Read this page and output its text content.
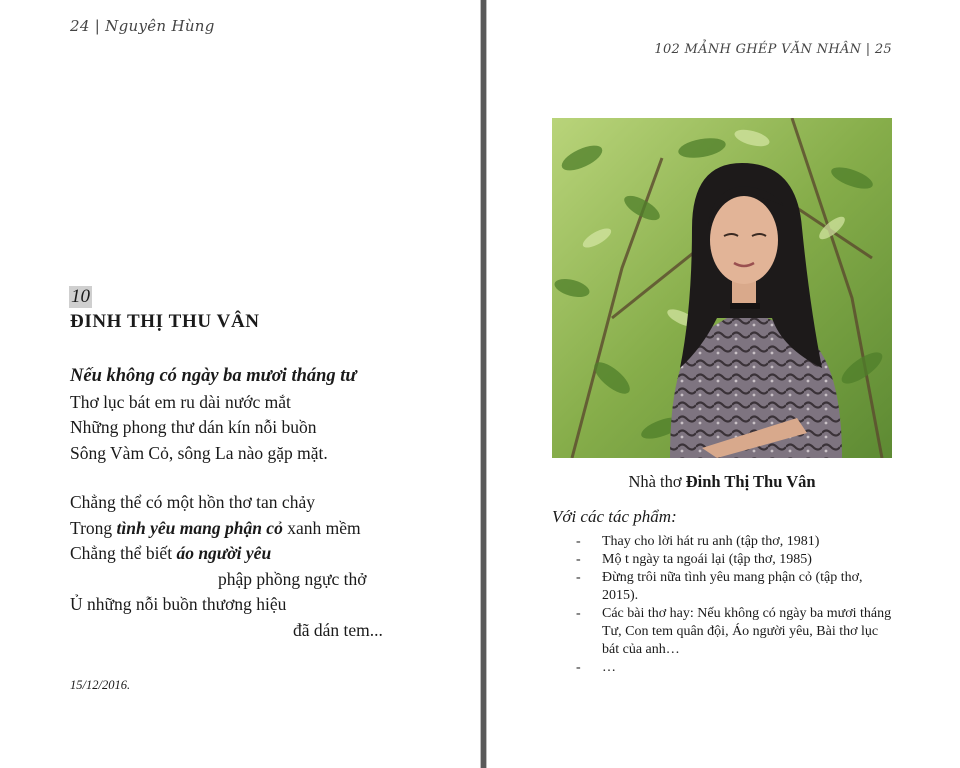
24 | Nguyên Hùng
10
ĐINH THỊ THU VÂN
Nếu không có ngày ba mươi tháng tư
Thơ lục bát em ru dài nước mắt
Những phong thư dán kín nỗi buồn
Sông Vàm Cỏ, sông La nào gặp mặt.
Chẳng thể có một hồn thơ tan chảy
Trong tình yêu mang phận cỏ xanh mềm
Chẳng thể biết áo người yêu
phập phồng ngực thở
Ủ những nỗi buồn thương hiệu
đã dán tem...
15/12/2016.
102 MẢNH GHÉP VĂN NHÂN | 25
Nhà thơ Đinh Thị Thu Vân
Với các tác phẩm:
- Thay cho lời hát ru anh (tập thơ, 1981)
- Mộ t ngày ta ngoái lại (tập thơ, 1985)
- Đừng trôi nữa tình yêu mang phận cỏ (tập thơ, 2015).
- Các bài thơ hay: Nếu không có ngày ba mươi tháng Tư, Con tem quân đội, Áo người yêu, Bài thơ lục bát của anh…
- …
